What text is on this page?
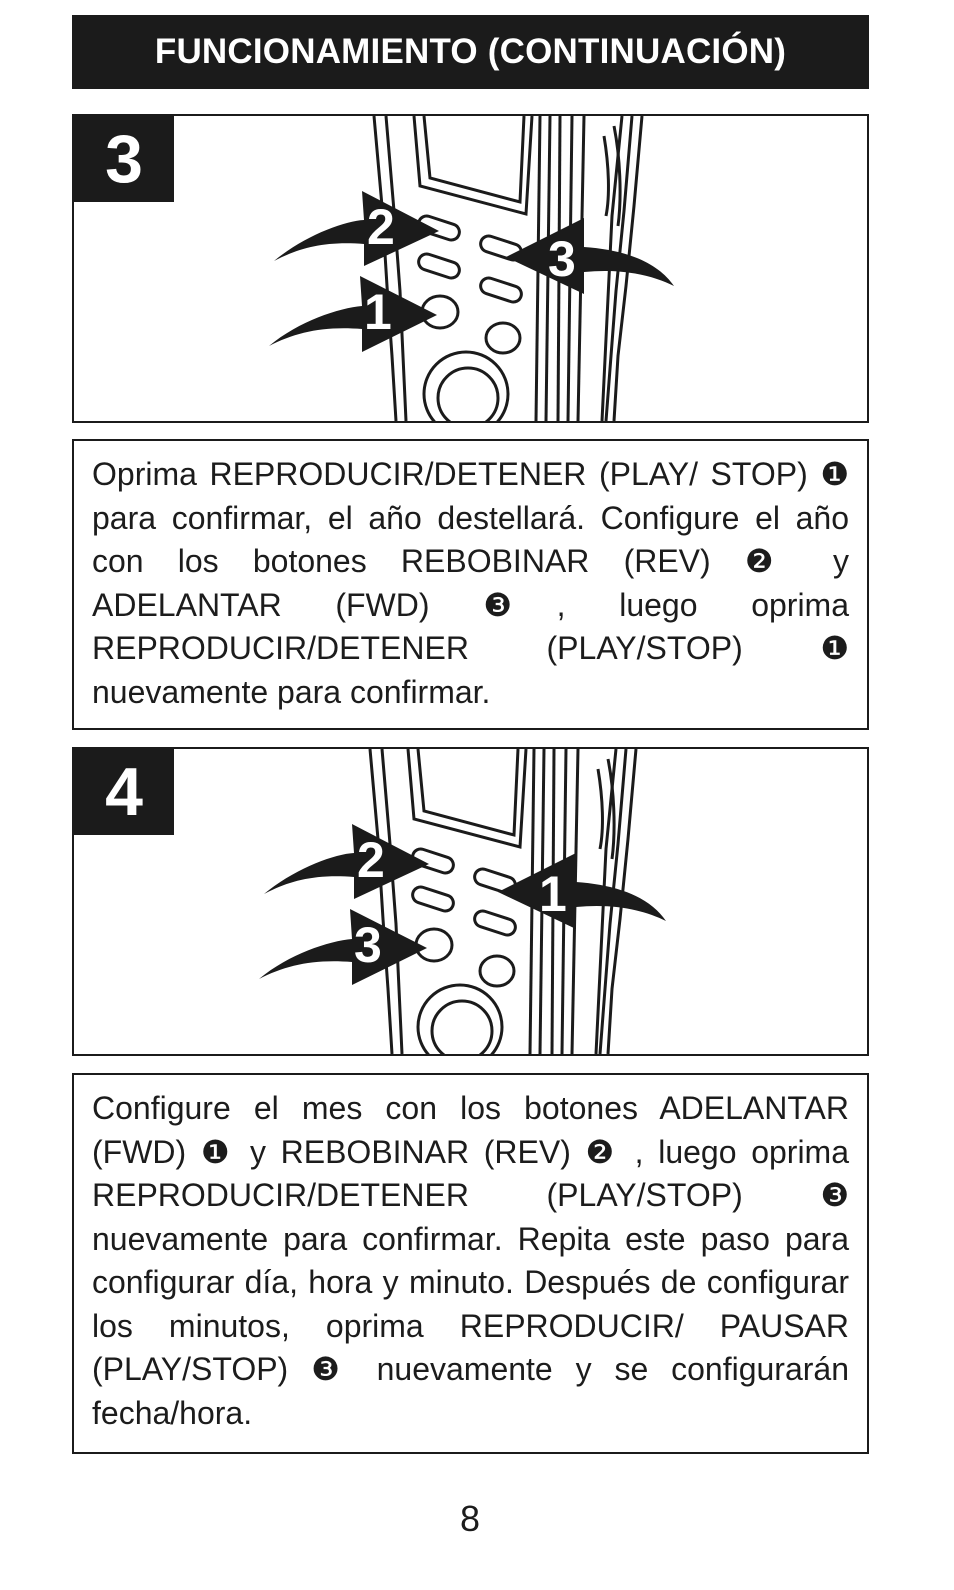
FUNCIONAMIENTO (CONTINUACIÓN)
3
2
3
1
Oprima REPRODUCIR/DETENER (PLAY/ STOP) ❶ para confirmar, el año destellará. Configure el año con los botones REBOBINAR (REV) ❷ y ADELANTAR (FWD) ❸, luego oprima REPRODUCIR/DETENER (PLAY/STOP) ❶ nuevamente para confirmar.
4
2
1
3
Configure el mes con los botones ADELANTAR (FWD) ❶ y REBOBINAR (REV) ❷ , luego oprima REPRODUCIR/DETENER (PLAY/STOP) ❸ nuevamente para confirmar. Repita este paso para configurar día, hora y minuto. Después de configurar los minutos, oprima REPRODUCIR/ PAUSAR (PLAY/STOP) ❸ nuevamente y se configurarán fecha/hora.
8
